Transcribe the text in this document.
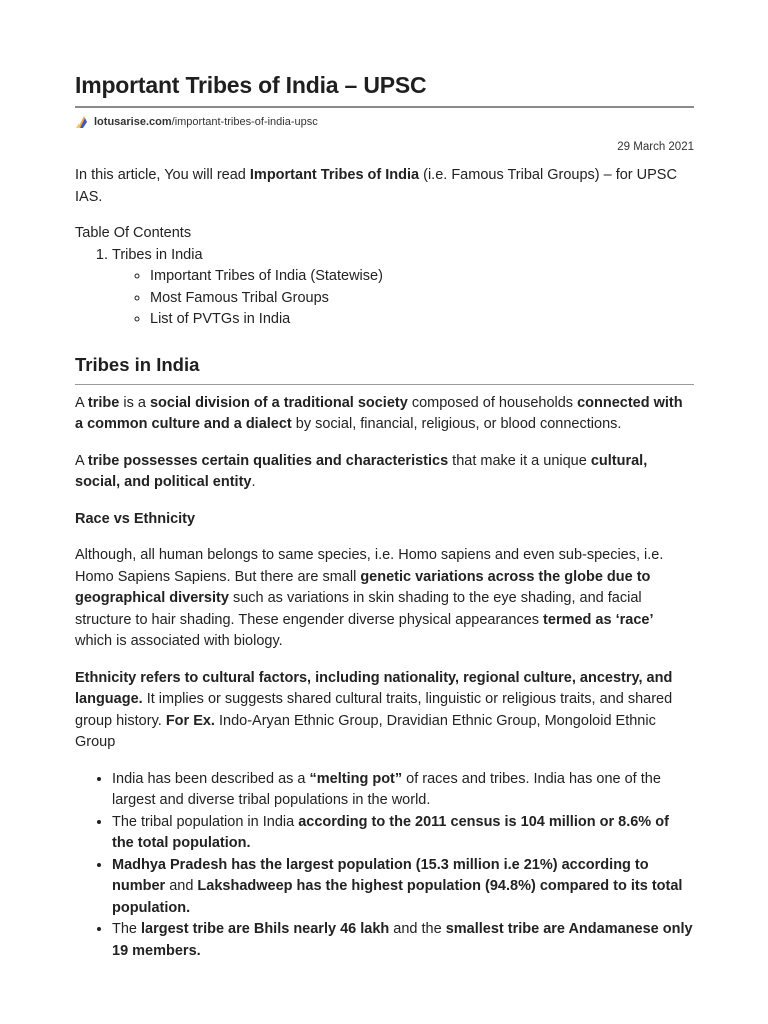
Important Tribes of India – UPSC
lotusarise.com /important-tribes-of-india-upsc
29 March 2021

In this article, You will read Important Tribes of India (i.e. Famous Tribal Groups) – for UPSC IAS.

Table Of Contents
1. Tribes in India
◦ Important Tribes of India (Statewise)
◦ Most Famous Tribal Groups
◦ List of PVTGs in India
Tribes in India

A tribe is a social division of a traditional society composed of households connected with a common culture and a dialect by social, financial, religious, or blood connections.

A tribe possesses certain qualities and characteristics that make it a unique cultural, social, and political entity.

Race vs Ethnicity

Although, all human belongs to same species, i.e. Homo sapiens and even sub-species, i.e. Homo Sapiens Sapiens. But there are small genetic variations across the globe due to geographical diversity such as variations in skin shading to the eye shading, and facial structure to hair shading. These engender diverse physical appearances termed as ‘race’ which is associated with biology.

Ethnicity refers to cultural factors, including nationality, regional culture, ancestry, and language. It implies or suggests shared cultural traits, linguistic or religious traits, and shared group history. For Ex. Indo-Aryan Ethnic Group, Dravidian Ethnic Group, Mongoloid Ethnic Group

• India has been described as a “melting pot” of races and tribes. India has one of the largest and diverse tribal populations in the world.
• The tribal population in India according to the 2011 census is 104 million or 8.6% of the total population.
• Madhya Pradesh has the largest population (15.3 million i.e 21%) according to number and Lakshadweep has the highest population (94.8%) compared to its total population.
• The largest tribe are Bhils nearly 46 lakh and the smallest tribe are Andamanese only 19 members.
